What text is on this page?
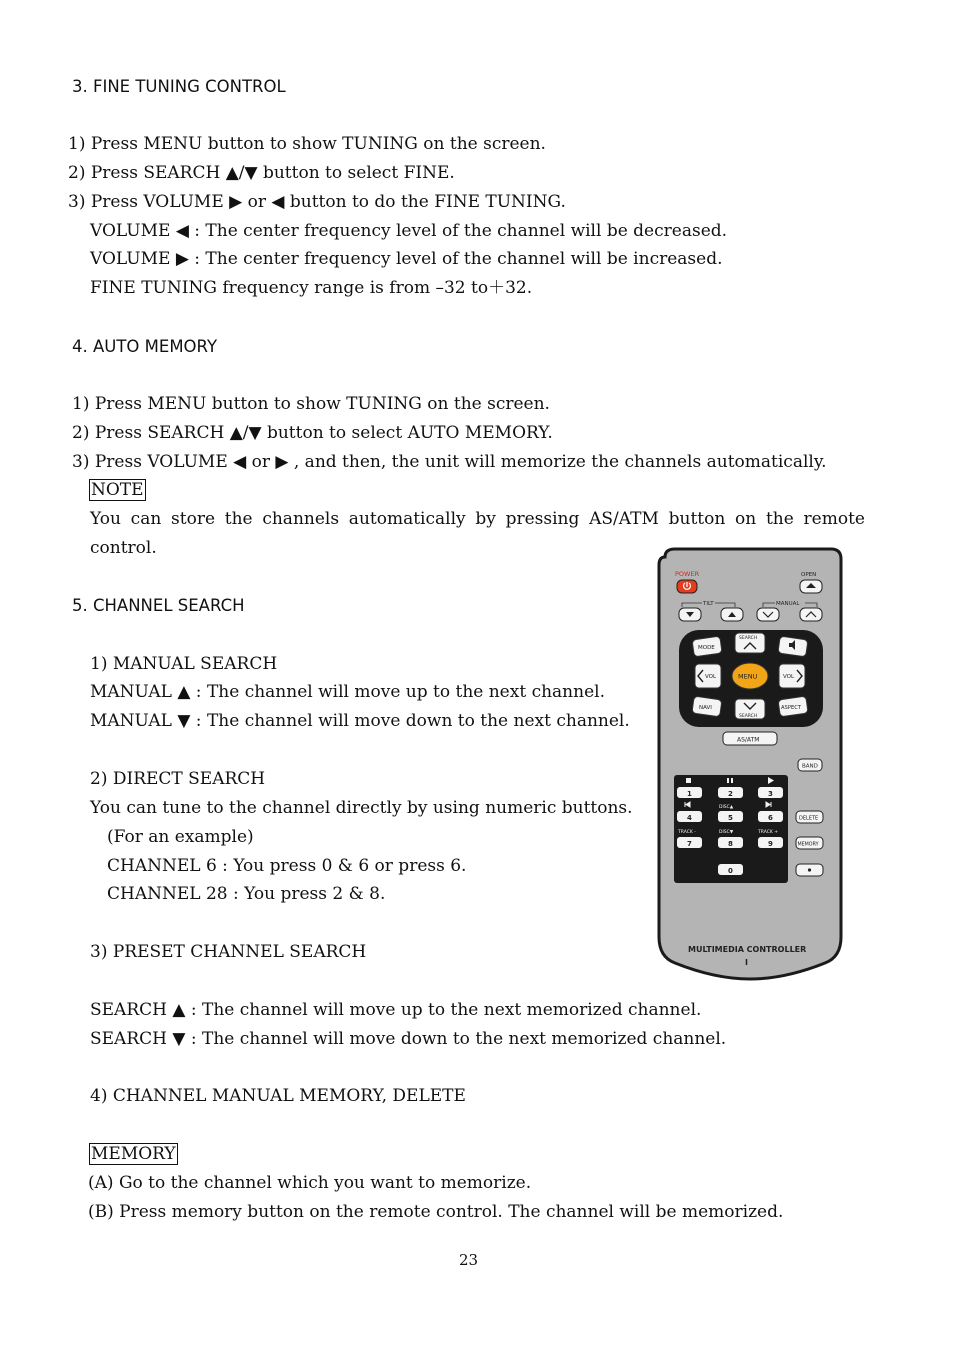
3. FINE TUNING CONTROL
1) Press MENU button to show TUNING on the screen.
2) Press SEARCH ▲/▼ button to select FINE.
3) Press VOLUME ▶ or ◀ button to do the FINE TUNING.
VOLUME ◀ : The center frequency level of the channel will be decreased.
VOLUME ▶ : The center frequency level of the channel will be increased.
FINE TUNING frequency range is from –32 to＋32.
4. AUTO MEMORY
1) Press MENU button to show TUNING on the screen.
2) Press SEARCH ▲/▼ button to select AUTO MEMORY.
3) Press VOLUME ◀ or ▶ , and then, the unit will memorize the channels automatically.
NOTE
You can store the channels automatically by pressing AS/ATM button on the remote
control.
5. CHANNEL SEARCH
1) MANUAL SEARCH
MANUAL ▲ : The channel will move up to the next channel.
MANUAL ▼ : The channel will move down to the next channel.
2) DIRECT SEARCH
You can tune to the channel directly by using numeric buttons.
(For an example)
CHANNEL 6 : You press 0 & 6 or press 6.
CHANNEL 28 : You press 2 & 8.
3) PRESET CHANNEL SEARCH
SEARCH ▲ : The channel will move up to the next memorized channel.
SEARCH ▼ : The channel will move down to the next memorized channel.
4) CHANNEL MANUAL MEMORY, DELETE
MEMORY
(A) Go to the channel which you want to memorize.
(B) Press memory button on the remote control. The channel will be memorized.
POWER	OPEN
TILT	MANUAL
MODE
SEARCH
VOL	MENU	VOL
NAVI
SEARCH
ASPECT
AS/ATM
BAND
1	2	3
DISC▲
4	5	6
TRACK -	DISC▼	TRACK +
7	8	9
0
DELETE
MEMORY
MULTIMEDIA CONTROLLER
I
23
